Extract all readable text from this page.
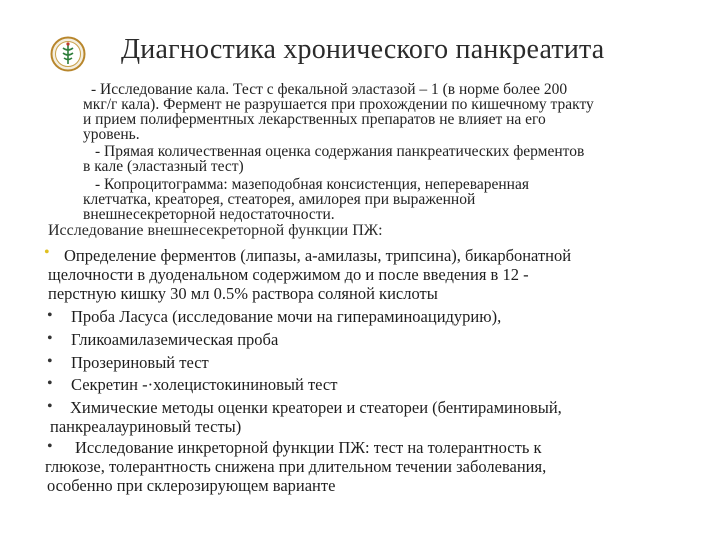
Диагностика хронического панкреатита
- Исследование кала. Тест с фекальной эластазой – 1 (в норме более 200
мкг/г кала). Фермент не разрушается при прохождении по кишечному тракту
и прием полиферментных лекарственных препаратов не влияет на его
уровень.
- Прямая количественная оценка содержания панкреатических ферментов
в кале (эластазный тест)
- Копроцитограмма: мазеподобная консистенция, непереваренная
клетчатка, креаторея, стеаторея, амилорея при выраженной
внешнесекреторной недостаточности.
Исследование внешнесекреторной функции ПЖ:
• Определение ферментов (липазы, а-амилазы, трипсина), бикарбонатной
щелочности в дуоденальном содержимом до и после введения в 12 -
перстную кишку 30 мл 0.5% раствора соляной кислоты
• Проба Ласуса (исследование мочи на гипераминоацидурию),
• Гликоамилаземическая проба
• Прозериновый тест
• Секретин -·холецистокининовый тест
•	Химические методы оценки креатореи и стеатореи (бентираминовый,
панкреалауриновый тесты)
•	Исследование инкреторной функции ПЖ: тест на толерантность к
глюкозе, толерантность снижена при длительном течении заболевания,
особенно при склерозирующем варианте
